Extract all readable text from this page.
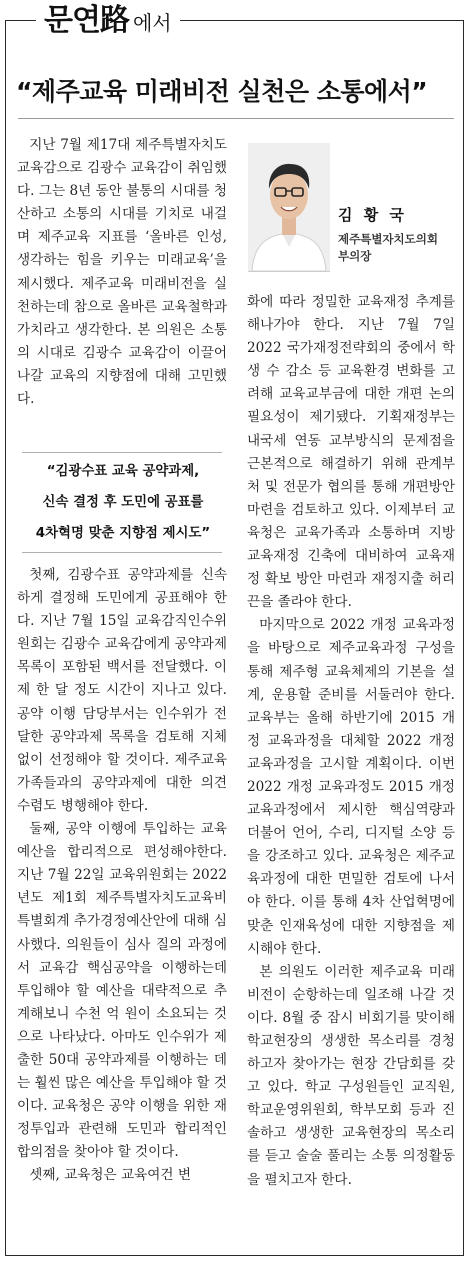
문연路 에서
“제주교육 미래비전 실천은 소통에서”

지난 7월 제17대 제주특별자치도교육감으로 김광수 교육감이 취임했다. 그는 8년 동안 불통의 시대를 청산하고 소통의 시대를 기치로 내걸며 제주교육 지표를 ‘올바른 인성, 생각하는 힘을 키우는 미래교육’을 제시했다. 제주교육 미래비전을 실천하는데 참으로 올바른 교육철학과 가치라고 생각한다. 본 의원은 소통의 시대로 김광수 교육감이 이끌어 나갈 교육의 지향점에 대해 고민했다.

“김광수표 교육 공약과제,
신속 결정 후 도민에 공표를
4차혁명 맞춘 지향점 제시도”

첫째, 김광수표 공약과제를 신속하게 결정해 도민에게 공표해야 한다. 지난 7월 15일 교육감직인수위원회는 김광수 교육감에게 공약과제 목록이 포함된 백서를 전달했다. 이제 한 달 정도 시간이 지나고 있다. 공약 이행 담당부서는 인수위가 전달한 공약과제 목록을 검토해 지체 없이 선정해야 할 것이다. 제주교육가족들과의 공약과제에 대한 의견 수렴도 병행해야 한다.

둘째, 공약 이행에 투입하는 교육예산을 합리적으로 편성해야한다. 지난 7월 22일 교육위원회는 2022년도 제1회 제주특별자치도교육비특별회계 추가경정예산안에 대해 심사했다. 의원들이 심사 질의 과정에서 교육감 핵심공약을 이행하는데 투입해야 할 예산을 대략적으로 추계해보니 수천 억 원이 소요되는 것으로 나타났다. 아마도 인수위가 제출한 50대 공약과제를 이행하는 데는 훨씬 많은 예산을 투입해야 할 것이다. 교육청은 공약 이행을 위한 재정투입과 관련해 도민과 합리적인 합의점을 찾아야 할 것이다.

셋째, 교육청은 교육여건 변

김 황 국
제주특별자치도의회
부의장

화에 따라 정밀한 교육재정 추계를 해나가야 한다. 지난 7월 7일 2022 국가재정전략회의 중에서 학생 수 감소 등 교육환경 변화를 고려해 교육교부금에 대한 개편 논의 필요성이 제기됐다. 기획재정부는 내국세 연동 교부방식의 문제점을 근본적으로 해결하기 위해 관계부처 및 전문가 협의를 통해 개편방안 마련을 검토하고 있다. 이제부터 교육청은 교육가족과 소통하며 지방교육재정 긴축에 대비하여 교육재정 확보 방안 마련과 재정지출 허리끈을 졸라야 한다.

마지막으로 2022 개정 교육과정을 바탕으로 제주교육과정 구성을 통해 제주형 교육체제의 기본을 설계, 운용할 준비를 서둘러야 한다. 교육부는 올해 하반기에 2015 개정 교육과정을 대체할 2022 개정 교육과정을 고시할 계획이다. 이번 2022 개정 교육과정도 2015 개정 교육과정에서 제시한 핵심역량과 더불어 언어, 수리, 디지털 소양 등을 강조하고 있다. 교육청은 제주교육과정에 대한 면밀한 검토에 나서야 한다. 이를 통해 4차 산업혁명에 맞춘 인재육성에 대한 지향점을 제시해야 한다.

본 의원도 이러한 제주교육 미래비전이 순항하는데 일조해 나갈 것이다. 8월 중 잠시 비회기를 맞이해 학교현장의 생생한 목소리를 경청하고자 찾아가는 현장 간담회를 갖고 있다. 학교 구성원들인 교직원, 학교운영위원회, 학부모회 등과 진솔하고 생생한 교육현장의 목소리를 듣고 술술 풀리는 소통 의정활동을 펼치고자 한다.
